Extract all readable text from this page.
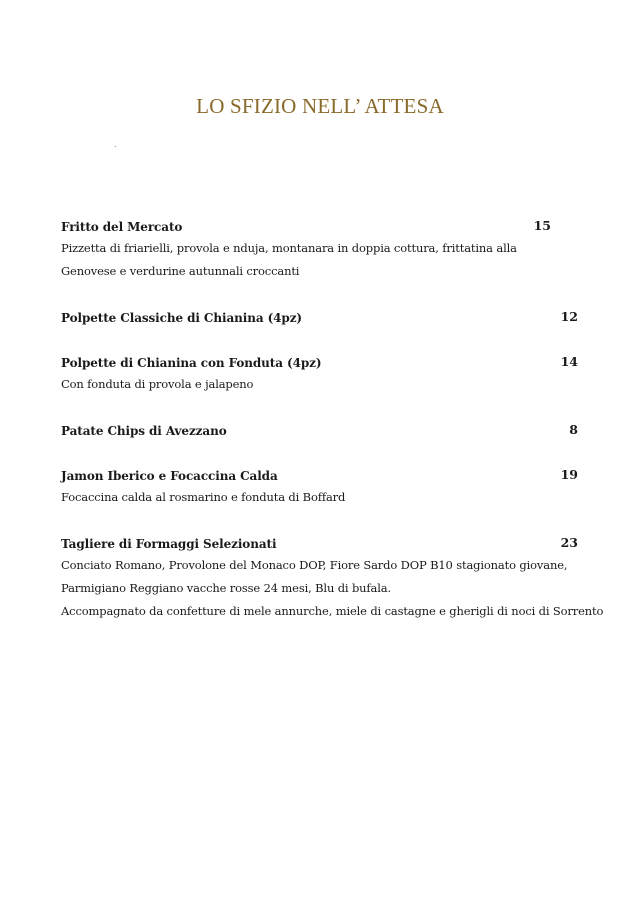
LO SFIZIO NELL’ ATTESA
.
Fritto del Mercato	15
Pizzetta di friarielli, provola e nduja, montanara in doppia cottura, frittatina alla
Genovese e verdurine autunnali croccanti
Polpette Classiche di Chianina (4pz)	12
Polpette di Chianina con Fonduta (4pz)	14
Con fonduta di provola e jalapeno
Patate Chips di Avezzano	8
Jamon Iberico e Focaccina Calda	19
Focaccina calda al rosmarino e fonduta di Boffard
Tagliere di Formaggi Selezionati	23
Conciato Romano, Provolone del Monaco DOP, Fiore Sardo DOP B10 stagionato giovane,
Parmigiano Reggiano vacche rosse 24 mesi, Blu di bufala.
Accompagnato da confetture di mele annurche, miele di castagne e gherigli di noci di Sorrento
